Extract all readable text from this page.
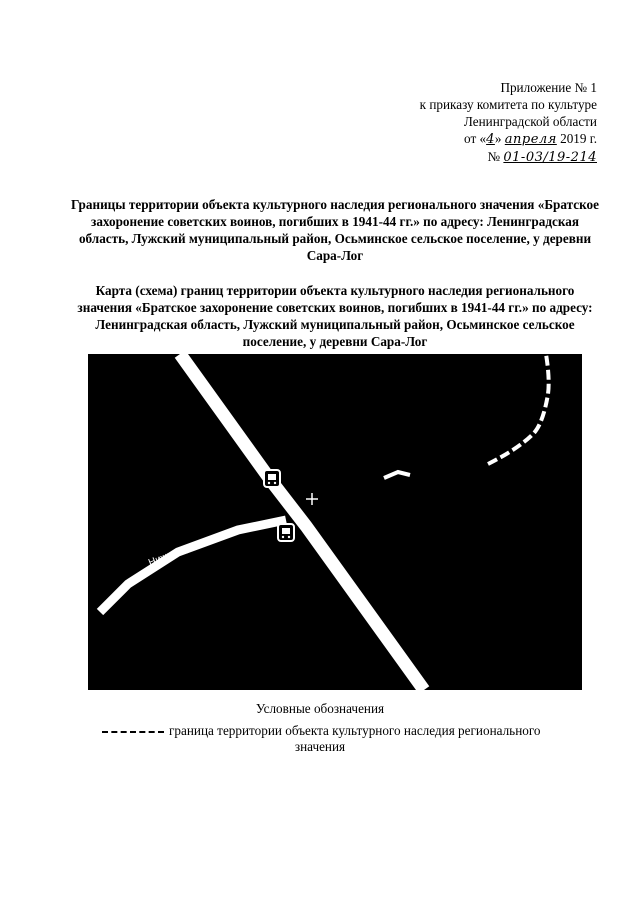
Приложение № 1
к приказу комитета по культуре
Ленинградской области
от «4» апреля 2019 г.
№ 01-03/19-214
Границы территории объекта культурного наследия регионального значения «Братское захоронение советских воинов, погибших в 1941-44 гг.» по адресу: Ленинградская область, Лужский муниципальный район, Осьминское сельское поселение, у деревни Сара-Лог
Карта (схема) границ территории объекта культурного наследия регионального значения «Братское захоронение советских воинов, погибших в 1941-44 гг.» по адресу: Ленинградская область, Лужский муниципальный район, Осьминское сельское поселение, у деревни Сара-Лог
Нижная ул
Условные обозначения
граница территории объекта культурного наследия регионального
значения
